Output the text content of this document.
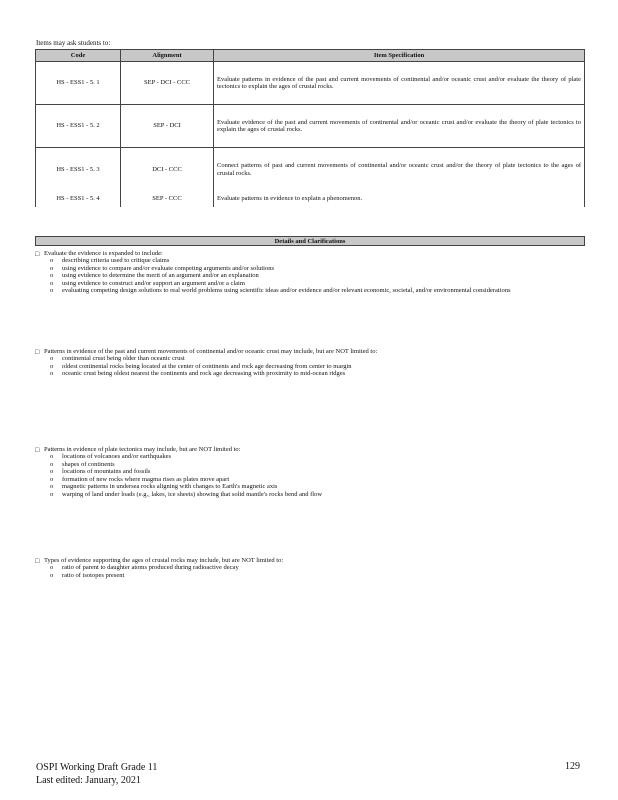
Items may ask students to:
Code	Alignment	Item Specification
HS - ESS1 - 5. 1	SEP - DCI - CCC	Evaluate patterns in evidence of the past and current movements of continental and/or oceanic crust and/or evaluate the theory of plate tectonics to explain the ages of crustal rocks.
HS - ESS1 - 5. 2	SEP - DCI	Evaluate evidence of the past and current movements of continental and/or oceanic crust and/or evaluate the theory of plate tectonics to explain the ages of crustal rocks.
HS - ESS1 - 5. 3	DCI - CCC	Connect patterns of past and current movements of continental and/or oceanic crust and/or the theory of plate tectonics to the ages of crustal rocks.
HS - ESS1 - 5. 4	SEP - CCC	Evaluate patterns in evidence to explain a phenomenon.
Details and Clarifications
□ Evaluate the evidence is expanded to include:
o describing criteria used to critique claims
o using evidence to compare and/or evaluate competing arguments and/or solutions
o using evidence to determine the merit of an argument and/or an explanation
o using evidence to construct and/or support an argument and/or a claim
o evaluating competing design solutions to real world problems using scientific ideas and/or evidence and/or relevant economic, societal, and/or environmental considerations
□ Patterns in evidence of the past and current movements of continental and/or oceanic crust may include, but are NOT limited to:
o continental crust being older than oceanic crust
o oldest continental rocks being located at the center of continents and rock age decreasing from center to margin
o oceanic crust being oldest nearest the continents and rock age decreasing with proximity to mid-ocean ridges
□ Patterns in evidence of plate tectonics may include, but are NOT limited to:
o locations of volcanoes and/or earthquakes
o shapes of continents
o locations of mountains and fossils
o formation of new rocks where magma rises as plates move apart
o magnetic patterns in undersea rocks aligning with changes to Earth's magnetic axis
o warping of land under loads (e.g., lakes, ice sheets) showing that solid mantle's rocks bend and flow
□ Types of evidence supporting the ages of crustal rocks may include, but are NOT limited to:
o ratio of parent to daughter atoms produced during radioactive decay
o ratio of isotopes present
OSPI Working Draft Grade 11
Last edited: January, 2021
129
